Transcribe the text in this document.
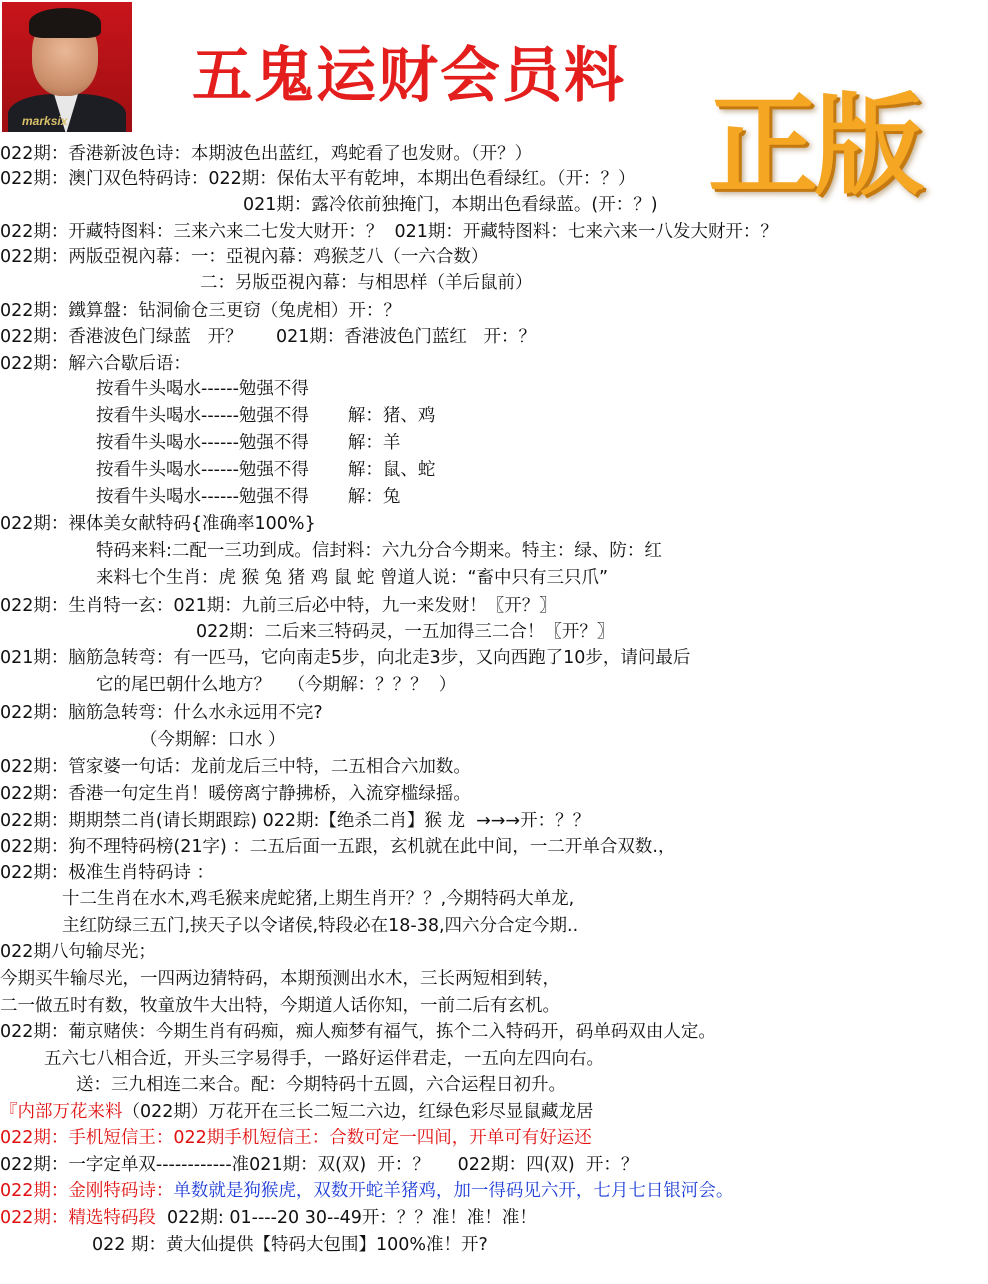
marksix
五鬼运财会员料
正版
022期：香港新波色诗：本期波色出蓝红，鸡蛇看了也发财。（开？）
022期：澳门双色特码诗：022期：保佑太平有乾坤，本期出色看绿红。（开：？）
021期：露冷依前独掩门，本期出色看绿蓝。(开：？)
022期：开藏特图料：三来六来二七发大财开：？  021期：开藏特图料：七来六来一八发大财开：？
022期：两版亞視內幕：一：亞視內幕：鸡猴芝八（一六合数）
二：另版亞視內幕：与相思样（羊后鼠前）
022期：鐵算盤：钻洞偷仓三更窃（兔虎相）开：？
022期：香港波色门绿蓝   开？      021期：香港波色门蓝红   开：？
022期：解六合歇后语：
按看牛头喝水------勉强不得
按看牛头喝水------勉强不得       解：猪、鸡
按看牛头喝水------勉强不得       解：羊
按看牛头喝水------勉强不得       解：鼠、蛇
按看牛头喝水------勉强不得       解：兔
022期：裸体美女献特码{准确率100%}
特码来料:二配一三功到成。信封料：六九分合今期来。特主：绿、防：红
来料七个生肖：虎 猴 兔 猪 鸡 鼠 蛇 曾道人说：“畜中只有三只爪”
022期：生肖特一玄：021期：九前三后必中特，九一来发财！〖开？〗
022期：二后来三特码灵，一五加得三二合！〖开？〗
021期：脑筋急转弯：有一匹马，它向南走5步，向北走3步，又向西跑了10步，请问最后
它的尾巴朝什么地方？   （今期解：？？？  ）
022期：脑筋急转弯：什么水永远用不完?
（今期解：口水 ）
022期：管家婆一句话：龙前龙后三中特，二五相合六加数。
022期：香港一句定生肖！暖傍离宁静拂桥，入流穿槛绿摇。
022期：期期禁二肖(请长期跟踪) 022期:【绝杀二肖】猴 龙  →→→开：？？
022期：狗不理特码榜(21字) ：二五后面一五跟，玄机就在此中间，一二开单合双数.，
022期：极准生肖特码诗 ：
十二生肖在水木,鸡毛猴来虎蛇猪,上期生肖开？？,今期特码大单龙,
主红防绿三五门,挟天子以令诸侯,特段必在18-38,四六分合定今期..
022期八句输尽光；
今期买牛输尽光，一四两边猜特码，本期预测出水木，三长两短相到转，
二一做五时有数，牧童放牛大出特，今期道人话你知，一前二后有玄机。
022期：葡京赌侠：今期生肖有码痴，痴人痴梦有福气，拣个二入特码开，码单码双由人定。
五六七八相合近，开头三字易得手，一路好运伴君走，一五向左四向右。
送：三九相连二来合。配：今期特码十五圆，六合运程日初升。
『内部万花来料（022期）万花开在三长二短二六边，红绿色彩尽显鼠藏龙居
022期：手机短信王：022期手机短信王：合数可定一四间，开单可有好运还
022期：一字定单双------------准021期：双(双)  开：？     022期：四(双)  开：？
022期：金刚特码诗：单数就是狗猴虎，双数开蛇羊猪鸡，加一得码见六开，七月七日银河会。
022期：精选特码段  022期: 01----20 30--49开：？？准！准！准！
022 期：黄大仙提供【特码大包围】100%准！开?
